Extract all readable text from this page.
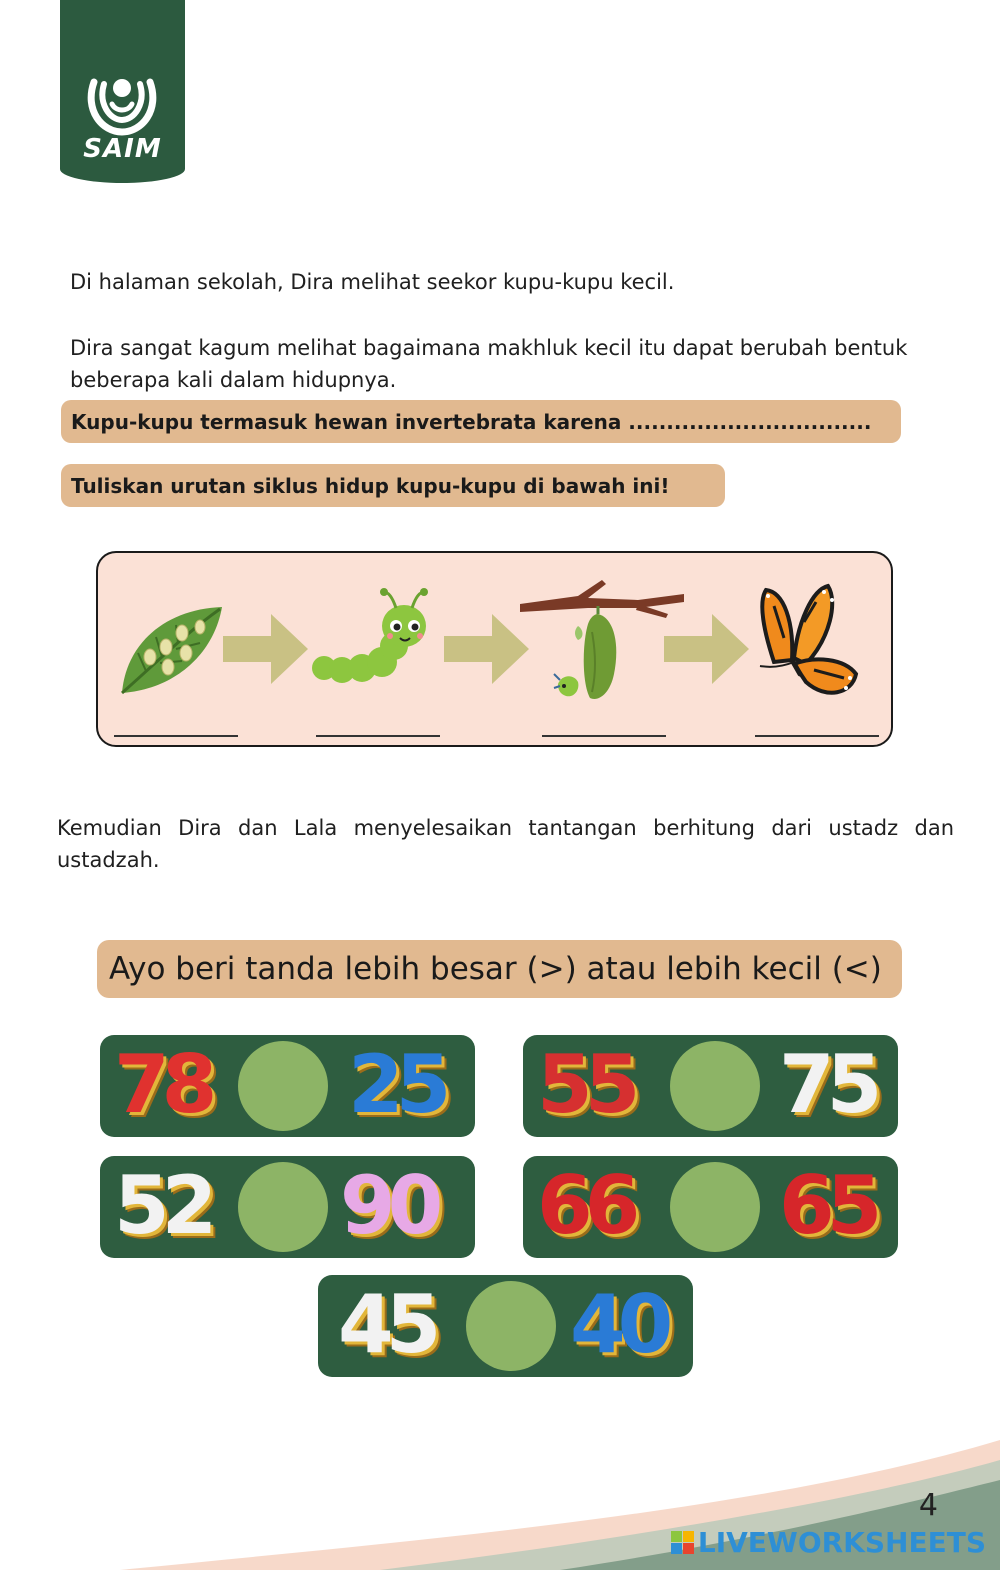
SAIM
Di halaman sekolah, Dira melihat seekor kupu-kupu kecil.
Dira sangat kagum melihat bagaimana makhluk kecil itu dapat berubah bentuk beberapa kali dalam hidupnya.
Kupu-kupu termasuk hewan invertebrata karena ................................
Tuliskan urutan siklus hidup kupu-kupu di bawah ini!
Kemudian Dira dan Lala menyelesaikan tantangan berhitung dari ustadz dan ustadzah.
Ayo beri tanda lebih besar (>) atau lebih kecil (<)
78 25 55 75
52 90 66 65
45 40
4
LIVEWORKSHEETS
